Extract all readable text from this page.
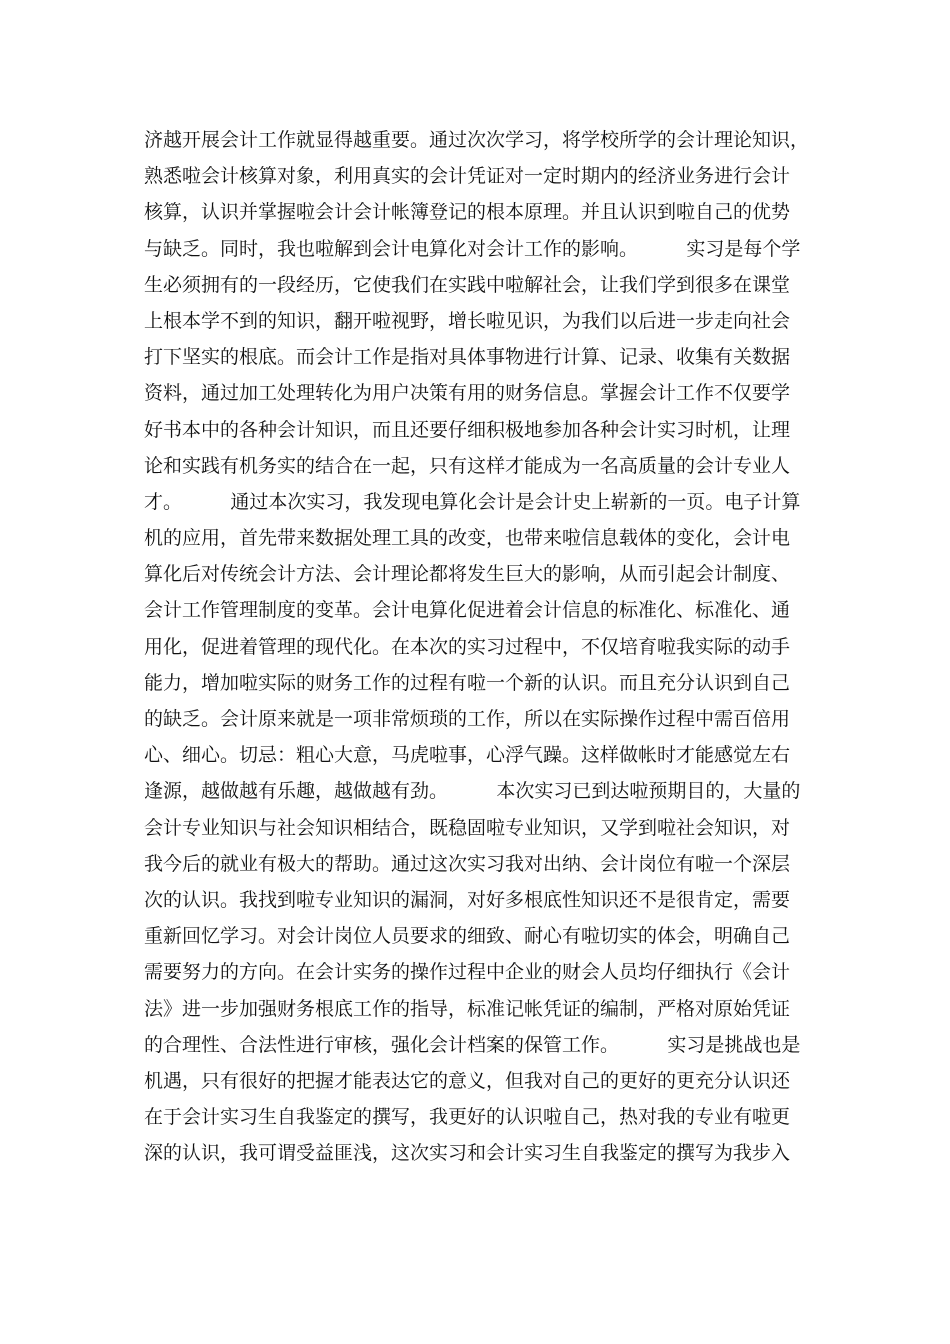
济越开展会计工作就显得越重要。通过次次学习，将学校所学的会计理论知识，
熟悉啦会计核算对象，利用真实的会计凭证对一定时期内的经济业务进行会计
核算，认识并掌握啦会计会计帐簿登记的根本原理。并且认识到啦自己的优势
与缺乏。同时，我也啦解到会计电算化对会计工作的影响。        实习是每个学
生必须拥有的一段经历，它使我们在实践中啦解社会，让我们学到很多在课堂
上根本学不到的知识，翻开啦视野，增长啦见识，为我们以后进一步走向社会
打下坚实的根底。而会计工作是指对具体事物进行计算、记录、收集有关数据
资料，通过加工处理转化为用户决策有用的财务信息。掌握会计工作不仅要学
好书本中的各种会计知识，而且还要仔细积极地参加各种会计实习时机，让理
论和实践有机务实的结合在一起，只有这样才能成为一名高质量的会计专业人
才。        通过本次实习，我发现电算化会计是会计史上崭新的一页。电子计算
机的应用，首先带来数据处理工具的改变，也带来啦信息载体的变化，会计电
算化后对传统会计方法、会计理论都将发生巨大的影响，从而引起会计制度、
会计工作管理制度的变革。会计电算化促进着会计信息的标准化、标准化、通
用化，促进着管理的现代化。在本次的实习过程中，不仅培育啦我实际的动手
能力，增加啦实际的财务工作的过程有啦一个新的认识。而且充分认识到自己
的缺乏。会计原来就是一项非常烦琐的工作，所以在实际操作过程中需百倍用
心、细心。切忌：粗心大意，马虎啦事，心浮气躁。这样做帐时才能感觉左右
逢源，越做越有乐趣，越做越有劲。        本次实习已到达啦预期目的，大量的
会计专业知识与社会知识相结合，既稳固啦专业知识，又学到啦社会知识，对
我今后的就业有极大的帮助。通过这次实习我对出纳、会计岗位有啦一个深层
次的认识。我找到啦专业知识的漏洞，对好多根底性知识还不是很肯定，需要
重新回忆学习。对会计岗位人员要求的细致、耐心有啦切实的体会，明确自己
需要努力的方向。在会计实务的操作过程中企业的财会人员均仔细执行《会计
法》进一步加强财务根底工作的指导，标准记帐凭证的编制，严格对原始凭证
的合理性、合法性进行审核，强化会计档案的保管工作。        实习是挑战也是
机遇，只有很好的把握才能表达它的意义，但我对自己的更好的更充分认识还
在于会计实习生自我鉴定的撰写，我更好的认识啦自己，热对我的专业有啦更
深的认识，我可谓受益匪浅，这次实习和会计实习生自我鉴定的撰写为我步入
